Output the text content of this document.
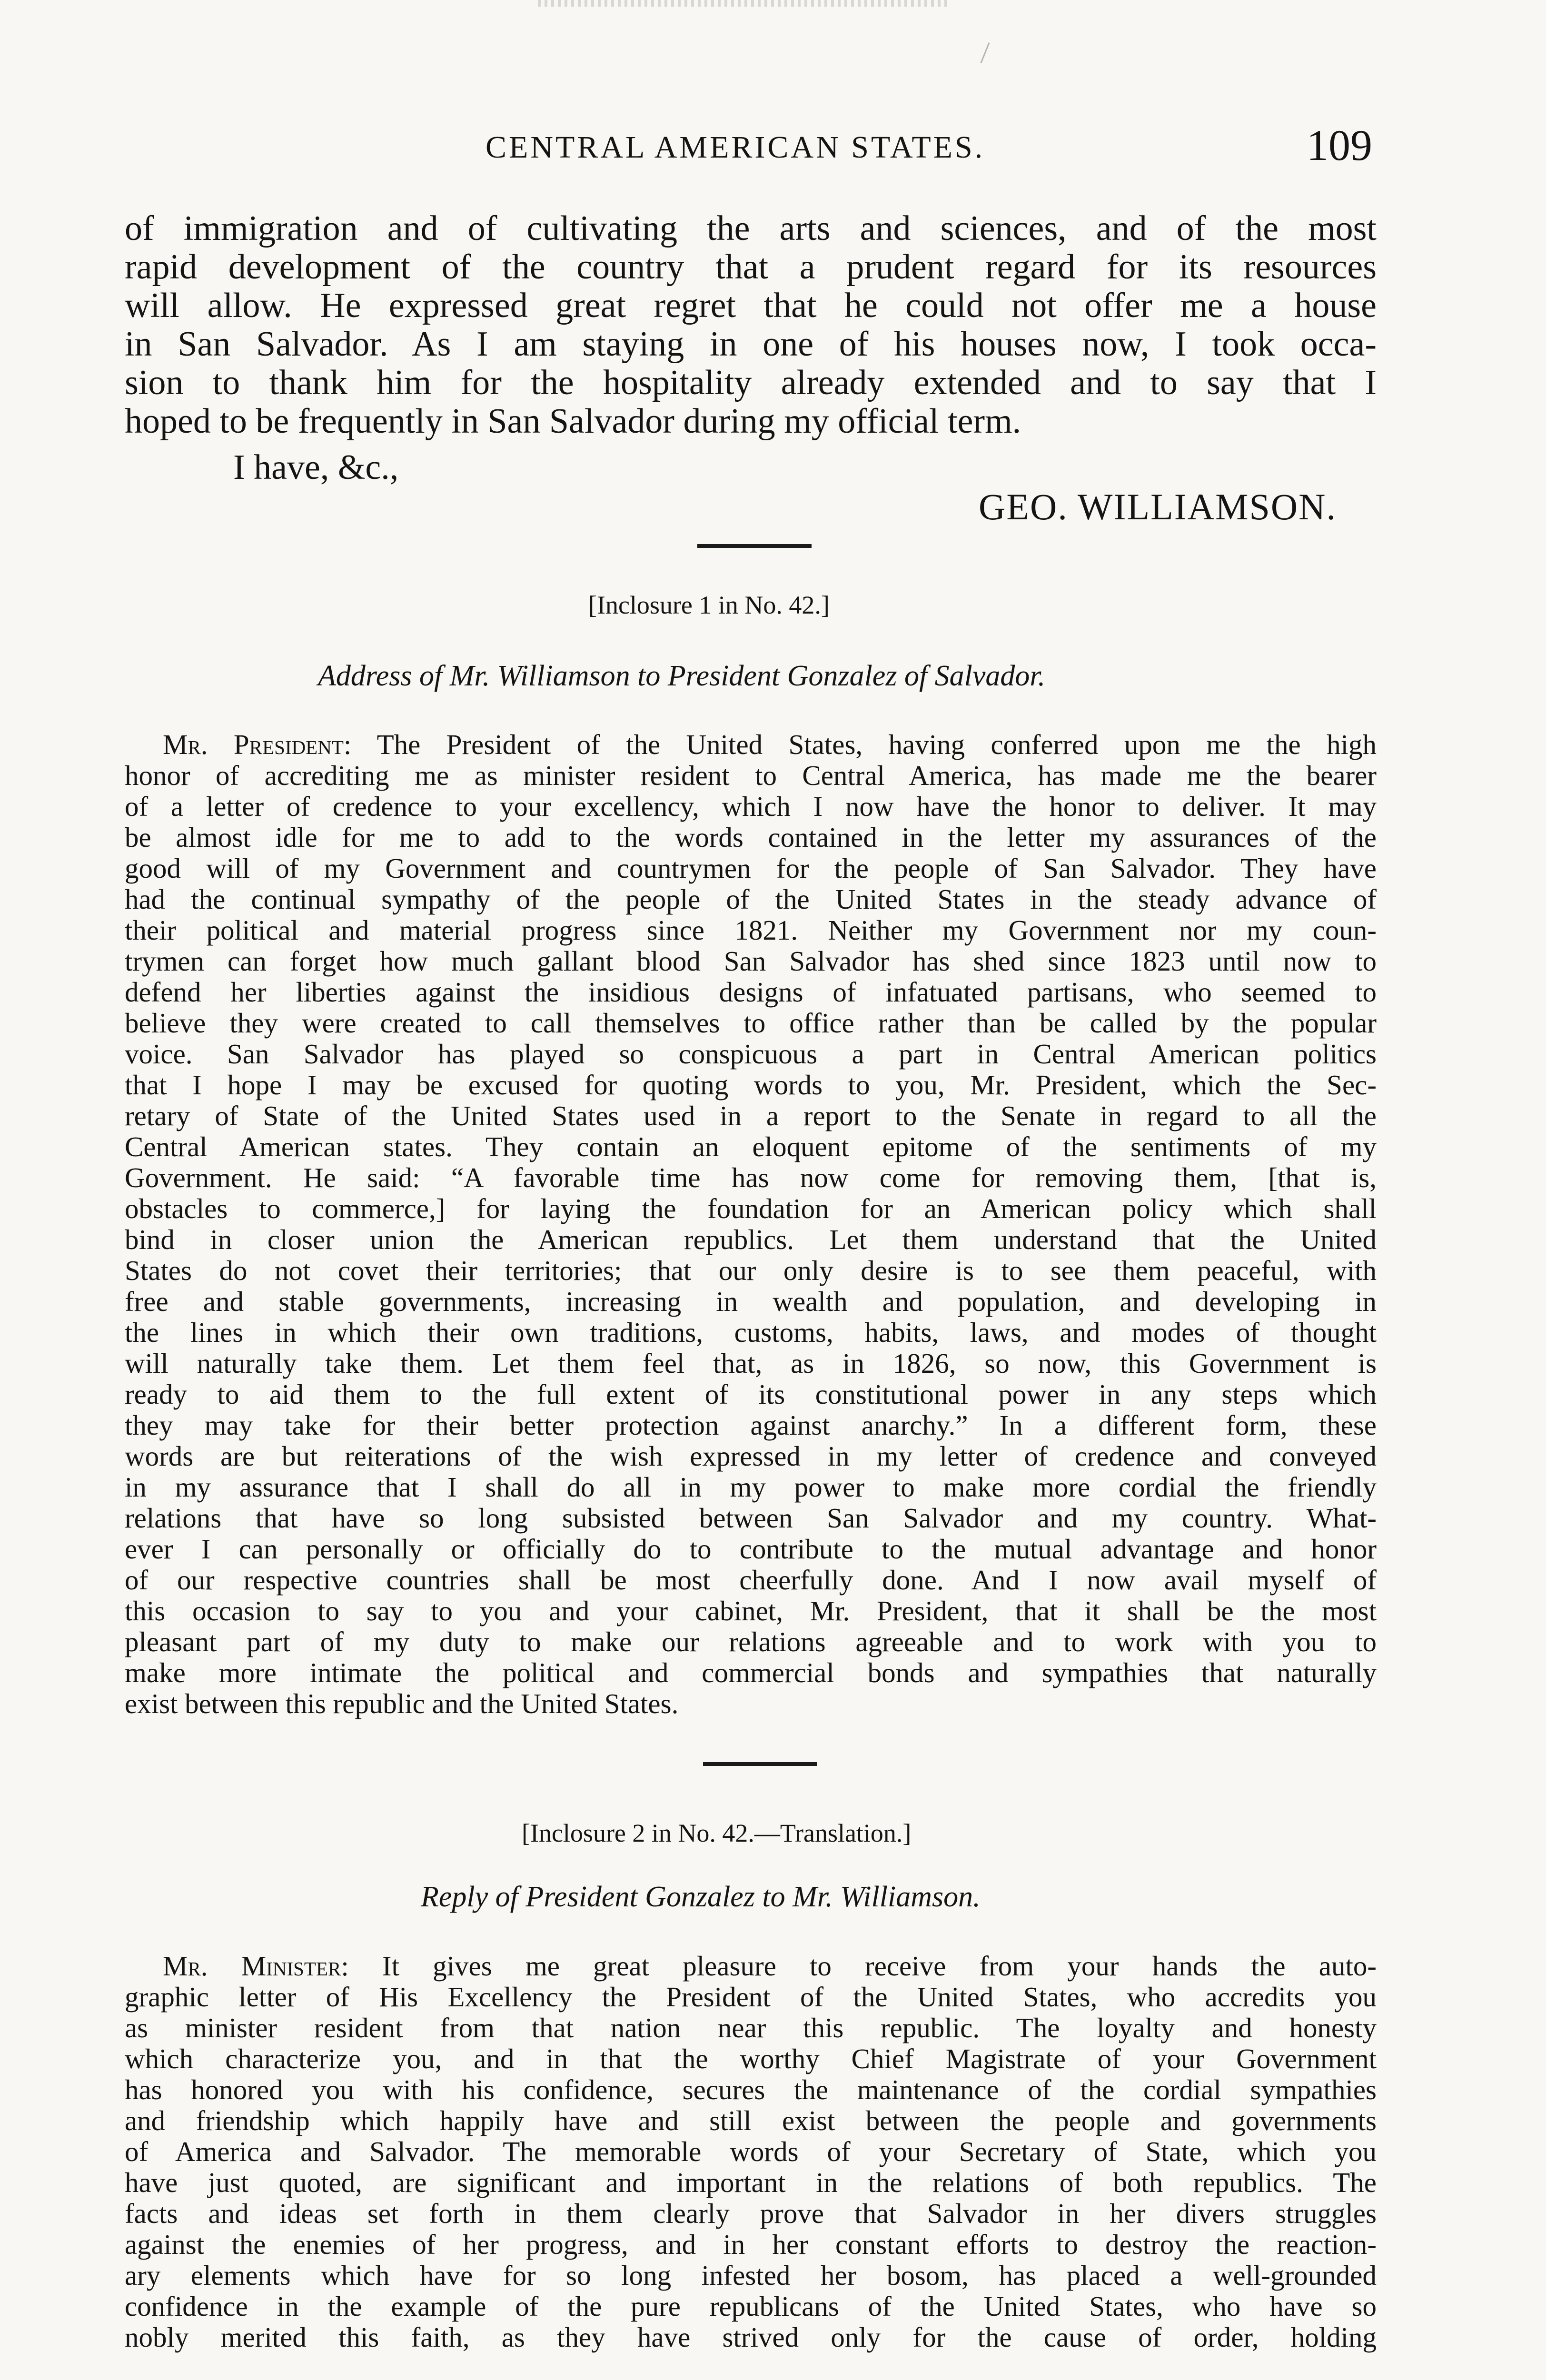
CENTRAL AMERICAN STATES.	109
of immigration and of cultivating the arts and sciences, and of the most
rapid development of the country that a prudent regard for its resources
will allow. He expressed great regret that he could not offer me a house
in San Salvador. As I am staying in one of his houses now, I took occa-
sion to thank him for the hospitality already extended and to say that I
hoped to be frequently in San Salvador during my official term.
I have, &c.,
GEO. WILLIAMSON.
[Inclosure 1 in No. 42.]
Address of Mr. Williamson to President Gonzalez of Salvador.
Mr. President: The President of the United States, having conferred upon me the high
honor of accrediting me as minister resident to Central America, has made me the bearer
of a letter of credence to your excellency, which I now have the honor to deliver. It may
be almost idle for me to add to the words contained in the letter my assurances of the
good will of my Government and countrymen for the people of San Salvador. They have
had the continual sympathy of the people of the United States in the steady advance of
their political and material progress since 1821. Neither my Government nor my coun-
trymen can forget how much gallant blood San Salvador has shed since 1823 until now to
defend her liberties against the insidious designs of infatuated partisans, who seemed to
believe they were created to call themselves to office rather than be called by the popular
voice. San Salvador has played so conspicuous a part in Central American politics
that I hope I may be excused for quoting words to you, Mr. President, which the Sec-
retary of State of the United States used in a report to the Senate in regard to all the
Central American states. They contain an eloquent epitome of the sentiments of my
Government. He said: “A favorable time has now come for removing them, [that is,
obstacles to commerce,] for laying the foundation for an American policy which shall
bind in closer union the American republics. Let them understand that the United
States do not covet their territories; that our only desire is to see them peaceful, with
free and stable governments, increasing in wealth and population, and developing in
the lines in which their own traditions, customs, habits, laws, and modes of thought
will naturally take them. Let them feel that, as in 1826, so now, this Government is
ready to aid them to the full extent of its constitutional power in any steps which
they may take for their better protection against anarchy.” In a different form, these
words are but reiterations of the wish expressed in my letter of credence and conveyed
in my assurance that I shall do all in my power to make more cordial the friendly
relations that have so long subsisted between San Salvador and my country. What-
ever I can personally or officially do to contribute to the mutual advantage and honor
of our respective countries shall be most cheerfully done. And I now avail myself of
this occasion to say to you and your cabinet, Mr. President, that it shall be the most
pleasant part of my duty to make our relations agreeable and to work with you to
make more intimate the political and commercial bonds and sympathies that naturally
exist between this republic and the United States.
[Inclosure 2 in No. 42.—Translation.]
Reply of President Gonzalez to Mr. Williamson.
Mr. Minister: It gives me great pleasure to receive from your hands the auto-
graphic letter of His Excellency the President of the United States, who accredits you
as minister resident from that nation near this republic. The loyalty and honesty
which characterize you, and in that the worthy Chief Magistrate of your Government
has honored you with his confidence, secures the maintenance of the cordial sympathies
and friendship which happily have and still exist between the people and governments
of America and Salvador. The memorable words of your Secretary of State, which you
have just quoted, are significant and important in the relations of both republics. The
facts and ideas set forth in them clearly prove that Salvador in her divers struggles
against the enemies of her progress, and in her constant efforts to destroy the reaction-
ary elements which have for so long infested her bosom, has placed a well-grounded
confidence in the example of the pure republicans of the United States, who have so
nobly merited this faith, as they have strived only for the cause of order, holding
